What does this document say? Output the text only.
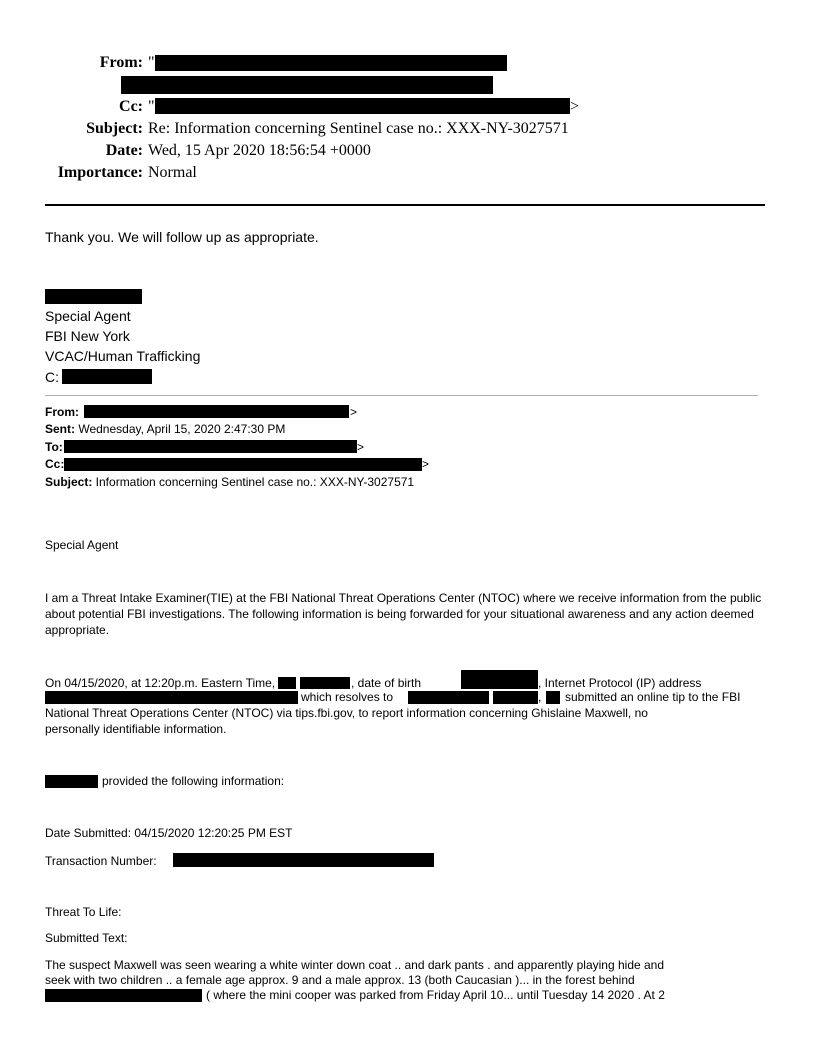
From: "
Cc: "	>
Subject: Re: Information concerning Sentinel case no.: XXX-NY-3027571
Date: Wed, 15 Apr 2020 18:56:54 +0000
Importance: Normal
Thank you. We will follow up as appropriate.
Special Agent
FBI New York
VCAC/Human Trafficking
C:
From:	>
Sent: Wednesday, April 15, 2020 2:47:30 PM
To:	>
Cc:	>
Subject: Information concerning Sentinel case no.: XXX-NY-3027571
Special Agent
I am a Threat Intake Examiner(TIE) at the FBI National Threat Operations Center (NTOC) where we receive information from the public about potential FBI investigations. The following information is being forwarded for your situational awareness and any action deemed appropriate.
On 04/15/2020, at 12:20p.m. Eastern Time,	, date of birth	, Internet Protocol (IP) address
which resolves to	, submitted an online tip to the FBI
National Threat Operations Center (NTOC) via tips.fbi.gov, to report information concerning Ghislaine Maxwell, no
personally identifiable information.
provided the following information:
Date Submitted: 04/15/2020 12:20:25 PM EST
Transaction Number:
Threat To Life:
Submitted Text:
The suspect Maxwell was seen wearing a white winter down coat .. and dark pants . and apparently playing hide and
seek with two children .. a female age approx. 9 and a male approx. 13 (both Caucasian )... in the forest behind
( where the mini cooper was parked from Friday April 10... until Tuesday 14 2020 . At 2
